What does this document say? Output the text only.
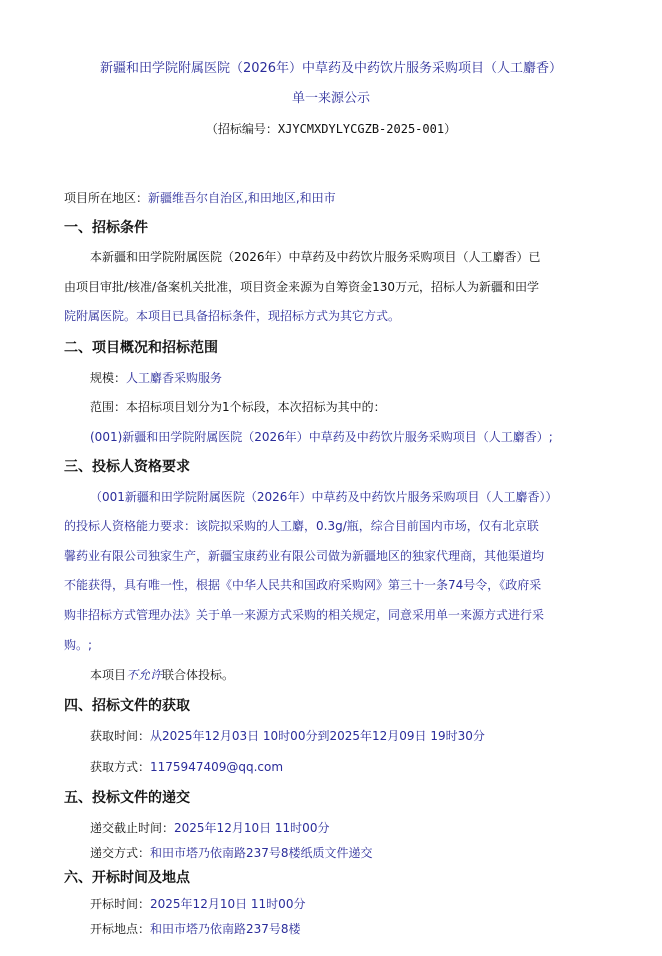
新疆和田学院附属医院（2026年）中草药及中药饮片服务采购项目（人工麝香）
单一来源公示
（招标编号：XJYCMXDYLYCGZB-2025-001）
项目所在地区：新疆维吾尔自治区,和田地区,和田市
一、招标条件
本新疆和田学院附属医院（2026年）中草药及中药饮片服务采购项目（人工麝香）已
由项目审批/核准/备案机关批准，项目资金来源为自筹资金130万元，招标人为新疆和田学
院附属医院。本项目已具备招标条件，现招标方式为其它方式。
二、项目概况和招标范围
规模：人工麝香采购服务
范围：本招标项目划分为1个标段，本次招标为其中的：
(001)新疆和田学院附属医院（2026年）中草药及中药饮片服务采购项目（人工麝香）;
三、投标人资格要求
（001新疆和田学院附属医院（2026年）中草药及中药饮片服务采购项目（人工麝香））
的投标人资格能力要求：该院拟采购的人工麝，0.3g/瓶，综合目前国内市场，仅有北京联
馨药业有限公司独家生产，新疆宝康药业有限公司做为新疆地区的独家代理商，其他渠道均
不能获得，具有唯一性，根据《中华人民共和国政府采购网》第三十一条74号令，《政府采
购非招标方式管理办法》关于单一来源方式采购的相关规定，同意采用单一来源方式进行采
购。;
本项目不允许联合体投标。
四、招标文件的获取
获取时间：从2025年12月03日 10时00分到2025年12月09日 19时30分
获取方式：1175947409@qq.com
五、投标文件的递交
递交截止时间：2025年12月10日 11时00分
递交方式：和田市塔乃依南路237号8楼纸质文件递交
六、开标时间及地点
开标时间：2025年12月10日 11时00分
开标地点：和田市塔乃依南路237号8楼
